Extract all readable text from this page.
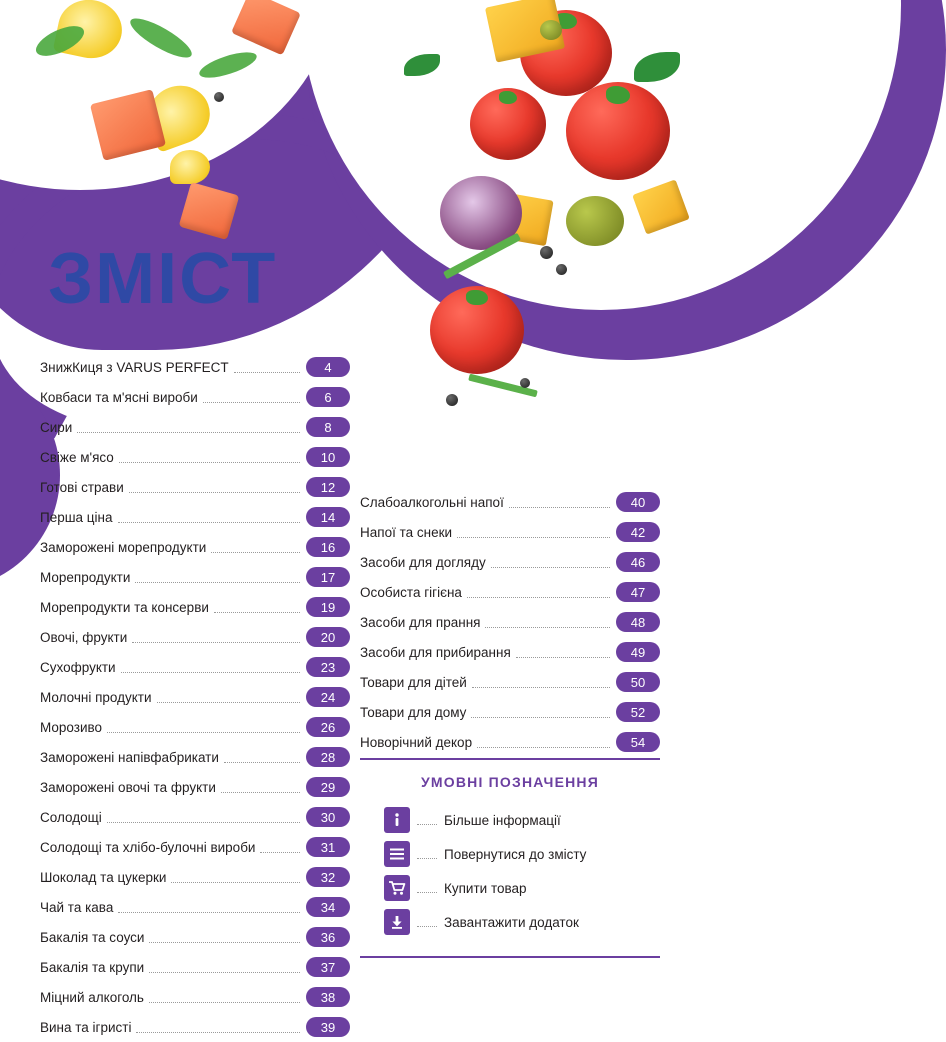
ЗМІСТ
ЗнижКиця з VARUS PERFECT	4
Ковбаси та м'ясні вироби	6
Сири	8
Свіже м'ясо	10
Готові страви	12
Перша ціна	14
Заморожені морепродукти	16
Морепродукти	17
Морепродукти та консерви	19
Овочі, фрукти	20
Сухофрукти	23
Молочні продукти	24
Морозиво	26
Заморожені напівфабрикати	28
Заморожені овочі та фрукти	29
Солодощі	30
Солодощі та хлібо-булочні вироби	31
Шоколад та цукерки	32
Чай та кава	34
Бакалія та соуси	36
Бакалія та крупи	37
Міцний алкоголь	38
Вина та ігристі	39
Слабоалкогольні напої	40
Напої та снеки	42
Засоби для догляду	46
Особиста гігієна	47
Засоби для прання	48
Засоби для прибирання	49
Товари для дітей	50
Товари для дому	52
Новорічний декор	54
УМОВНІ ПОЗНАЧЕННЯ
Більше інформації
Повернутися до змісту
Купити товар
Завантажити додаток
